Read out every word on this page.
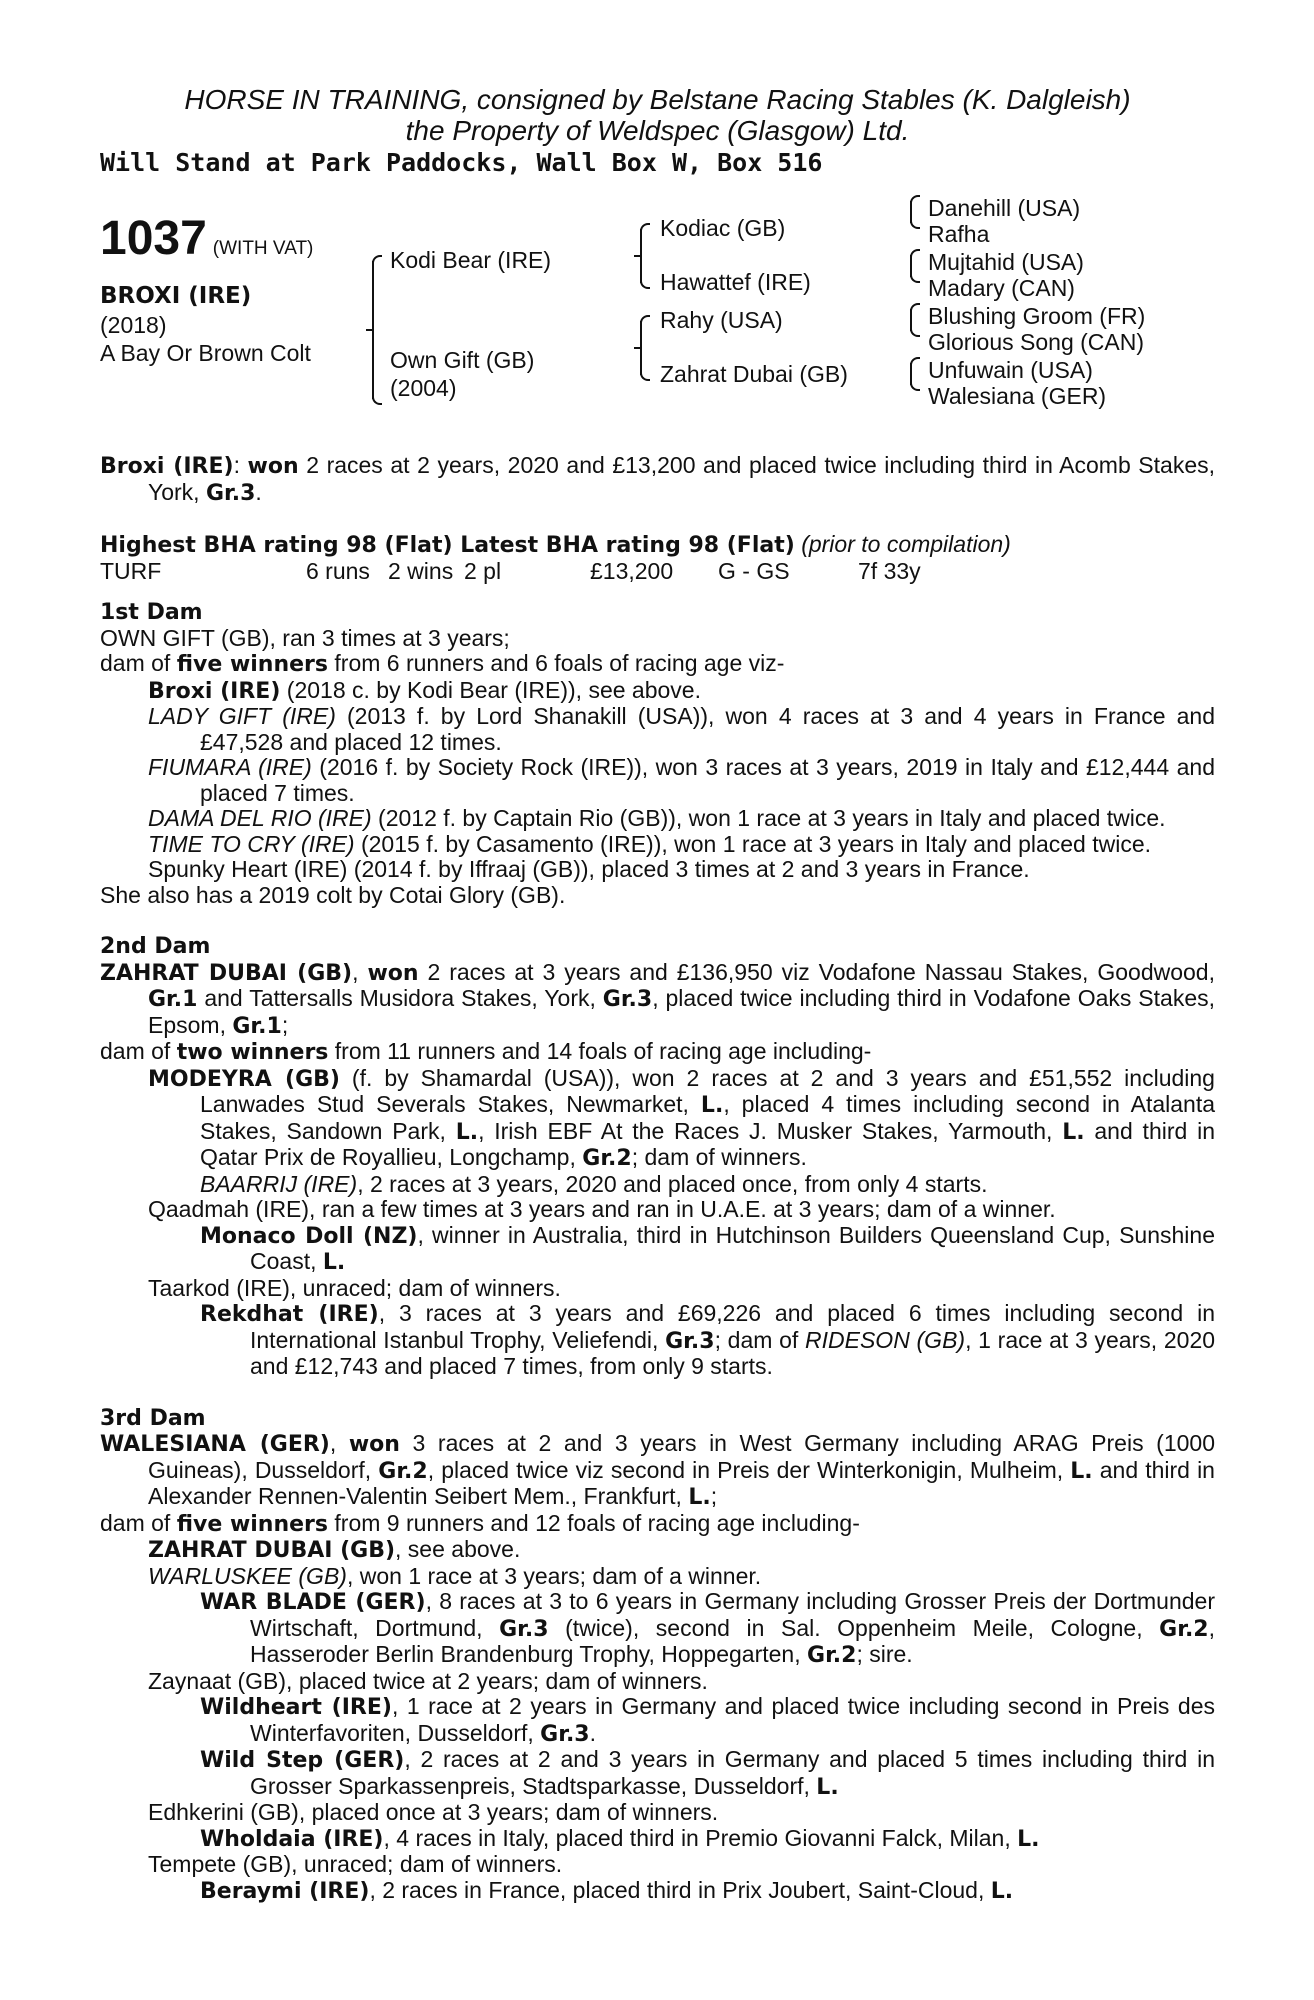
HORSE IN TRAINING, consigned by Belstane Racing Stables (K. Dalgleish)
the Property of Weldspec (Glasgow) Ltd.
Will Stand at Park Paddocks, Wall Box W, Box 516
1037 (WITH VAT)
BROXI (IRE)
(2018)
A Bay Or Brown Colt
Kodi Bear (IRE)
Own Gift (GB)
(2004)
Kodiac (GB)
Hawattef (IRE)
Rahy (USA)
Zahrat Dubai (GB)
Danehill (USA)
Rafha
Mujtahid (USA)
Madary (CAN)
Blushing Groom (FR)
Glorious Song (CAN)
Unfuwain (USA)
Walesiana (GER)

Broxi (IRE): won 2 races at 2 years, 2020 and £13,200 and placed twice including third in Acomb Stakes, York, Gr.3.

Highest BHA rating 98 (Flat) Latest BHA rating 98 (Flat) (prior to compilation)

TURF	6 runs 2 wins 2 pl	£13,200	G - GS	7f 33y
1st Dam

OWN GIFT (GB), ran 3 times at 3 years;

dam of five winners from 6 runners and 6 foals of racing age viz-

Broxi (IRE) (2018 c. by Kodi Bear (IRE)), see above.

LADY GIFT (IRE) (2013 f. by Lord Shanakill (USA)), won 4 races at 3 and 4 years in France and £47,528 and placed 12 times.

FIUMARA (IRE) (2016 f. by Society Rock (IRE)), won 3 races at 3 years, 2019 in Italy and £12,444 and placed 7 times.

DAMA DEL RIO (IRE) (2012 f. by Captain Rio (GB)), won 1 race at 3 years in Italy and placed twice.

TIME TO CRY (IRE) (2015 f. by Casamento (IRE)), won 1 race at 3 years in Italy and placed twice.

Spunky Heart (IRE) (2014 f. by Iffraaj (GB)), placed 3 times at 2 and 3 years in France.

She also has a 2019 colt by Cotai Glory (GB).

2nd Dam

ZAHRAT DUBAI (GB), won 2 races at 3 years and £136,950 viz Vodafone Nassau Stakes, Goodwood, Gr.1 and Tattersalls Musidora Stakes, York, Gr.3, placed twice including third in Vodafone Oaks Stakes, Epsom, Gr.1;

dam of two winners from 11 runners and 14 foals of racing age including-

MODEYRA (GB) (f. by Shamardal (USA)), won 2 races at 2 and 3 years and £51,552 including Lanwades Stud Severals Stakes, Newmarket, L., placed 4 times including second in Atalanta Stakes, Sandown Park, L., Irish EBF At the Races J. Musker Stakes, Yarmouth, L. and third in Qatar Prix de Royallieu, Longchamp, Gr.2; dam of winners.

BAARRIJ (IRE), 2 races at 3 years, 2020 and placed once, from only 4 starts.

Qaadmah (IRE), ran a few times at 3 years and ran in U.A.E. at 3 years; dam of a winner.

Monaco Doll (NZ), winner in Australia, third in Hutchinson Builders Queensland Cup, Sunshine Coast, L.

Taarkod (IRE), unraced; dam of winners.

Rekdhat (IRE), 3 races at 3 years and £69,226 and placed 6 times including second in International Istanbul Trophy, Veliefendi, Gr.3; dam of RIDESON (GB), 1 race at 3 years, 2020 and £12,743 and placed 7 times, from only 9 starts.

3rd Dam

WALESIANA (GER), won 3 races at 2 and 3 years in West Germany including ARAG Preis (1000 Guineas), Dusseldorf, Gr.2, placed twice viz second in Preis der Winterkonigin, Mulheim, L. and third in Alexander Rennen-Valentin Seibert Mem., Frankfurt, L.;

dam of five winners from 9 runners and 12 foals of racing age including-

ZAHRAT DUBAI (GB), see above.

WARLUSKEE (GB), won 1 race at 3 years; dam of a winner.

WAR BLADE (GER), 8 races at 3 to 6 years in Germany including Grosser Preis der Dortmunder Wirtschaft, Dortmund, Gr.3 (twice), second in Sal. Oppenheim Meile, Cologne, Gr.2, Hasseroder Berlin Brandenburg Trophy, Hoppegarten, Gr.2; sire.

Zaynaat (GB), placed twice at 2 years; dam of winners.

Wildheart (IRE), 1 race at 2 years in Germany and placed twice including second in Preis des Winterfavoriten, Dusseldorf, Gr.3.

Wild Step (GER), 2 races at 2 and 3 years in Germany and placed 5 times including third in Grosser Sparkassenpreis, Stadtsparkasse, Dusseldorf, L.

Edhkerini (GB), placed once at 3 years; dam of winners.

Wholdaia (IRE), 4 races in Italy, placed third in Premio Giovanni Falck, Milan, L.

Tempete (GB), unraced; dam of winners.

Beraymi (IRE), 2 races in France, placed third in Prix Joubert, Saint-Cloud, L.
